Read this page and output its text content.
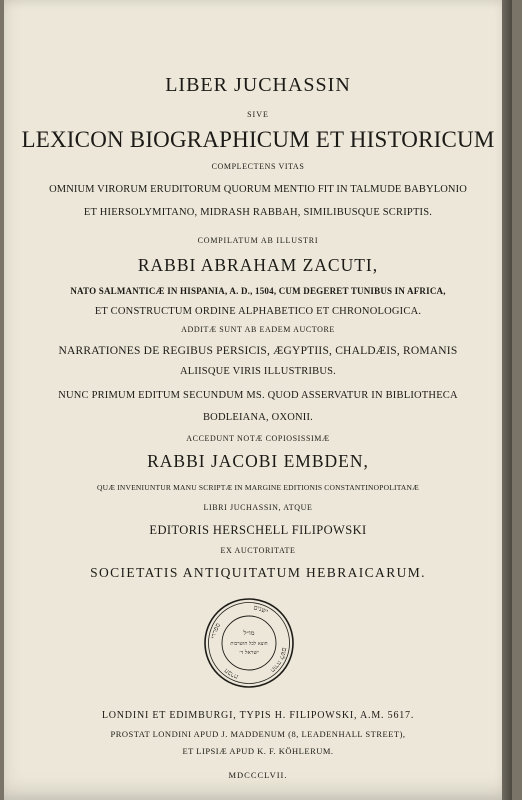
LIBER JUCHASSIN
SIVE
LEXICON BIOGRAPHICUM ET HISTORICUM
COMPLECTENS VITAS
OMNIUM VIRORUM ERUDITORUM QUORUM MENTIO FIT IN TALMUDE BABYLONIO
ET HIERSOLYMITANO, MIDRASH RABBAH, SIMILIBUSQUE SCRIPTIS.
COMPILATUM AB ILLUSTRI
RABBI ABRAHAM ZACUTI,
NATO SALMANTICÆ IN HISPANIA, A. D., 1504, CUM DEGERET TUNIBUS IN AFRICA,
ET CONSTRUCTUM ORDINE ALPHABETICO ET CHRONOLOGICA.
ADDITÆ SUNT AB EADEM AUCTORE
NARRATIONES DE REGIBUS PERSICIS, ÆGYPTIIS, CHALDÆIS, ROMANIS
ALIISQUE VIRIS ILLUSTRIBUS.
NUNC PRIMUM EDITUM SECUNDUM MS. QUOD ASSERVATUR IN BIBLIOTHECA
BODLEIANA, OXONII.
ACCEDUNT NOTÆ COPIOSISSIMÆ
RABBI JACOBI EMBDEN,
QUÆ INVENIUNTUR MANU SCRIPTÆ IN MARGINE EDITIONIS CONSTANTINOPOLITANÆ
LIBRI JUCHASSIN, ATQUE
EDITORIS HERSCHELL FILIPOWSKI
EX AUCTORITATE
SOCIETATIS ANTIQUITATUM HEBRAICARUM.
ספררי
ישנים
תורה לשם
חברת
מו״ל
חוצא לכל חושרבות
ישראל ד׳
LONDINI ET EDIMBURGI, TYPIS H. FILIPOWSKI, A.M. 5617.
PROSTAT LONDINI APUD J. MADDENUM (8, LEADENHALL STREET),
ET LIPSIÆ APUD K. F. KÖHLERUM.
MDCCCLVII.
